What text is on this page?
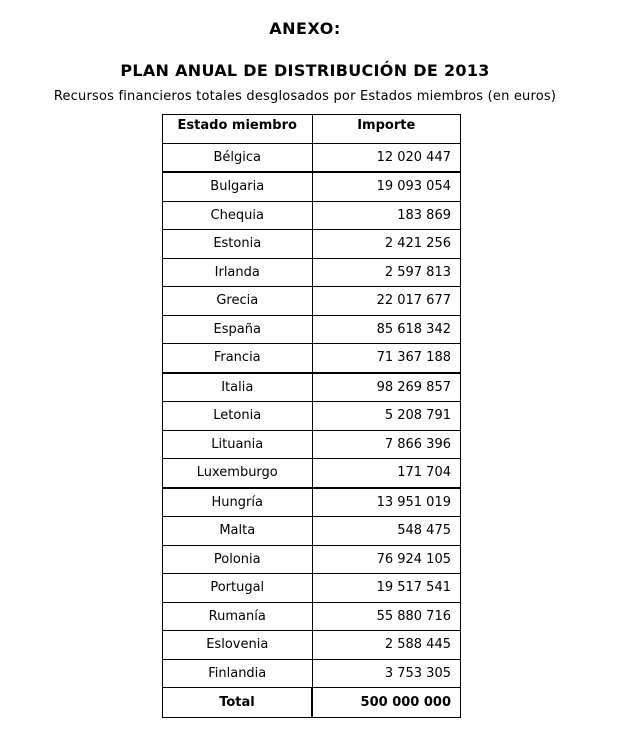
ANEXO:
PLAN ANUAL DE DISTRIBUCIÓN DE 2013
Recursos financieros totales desglosados por Estados miembros (en euros)
Estado miembro	Importe
Bélgica	12 020 447
Bulgaria	19 093 054
Chequia	183 869
Estonia	2 421 256
Irlanda	2 597 813
Grecia	22 017 677
España	85 618 342
Francia	71 367 188
Italia	98 269 857
Letonia	5 208 791
Lituania	7 866 396
Luxemburgo	171 704
Hungría	13 951 019
Malta	548 475
Polonia	76 924 105
Portugal	19 517 541
Rumanía	55 880 716
Eslovenia	2 588 445
Finlandia	3 753 305
Total	500 000 000
